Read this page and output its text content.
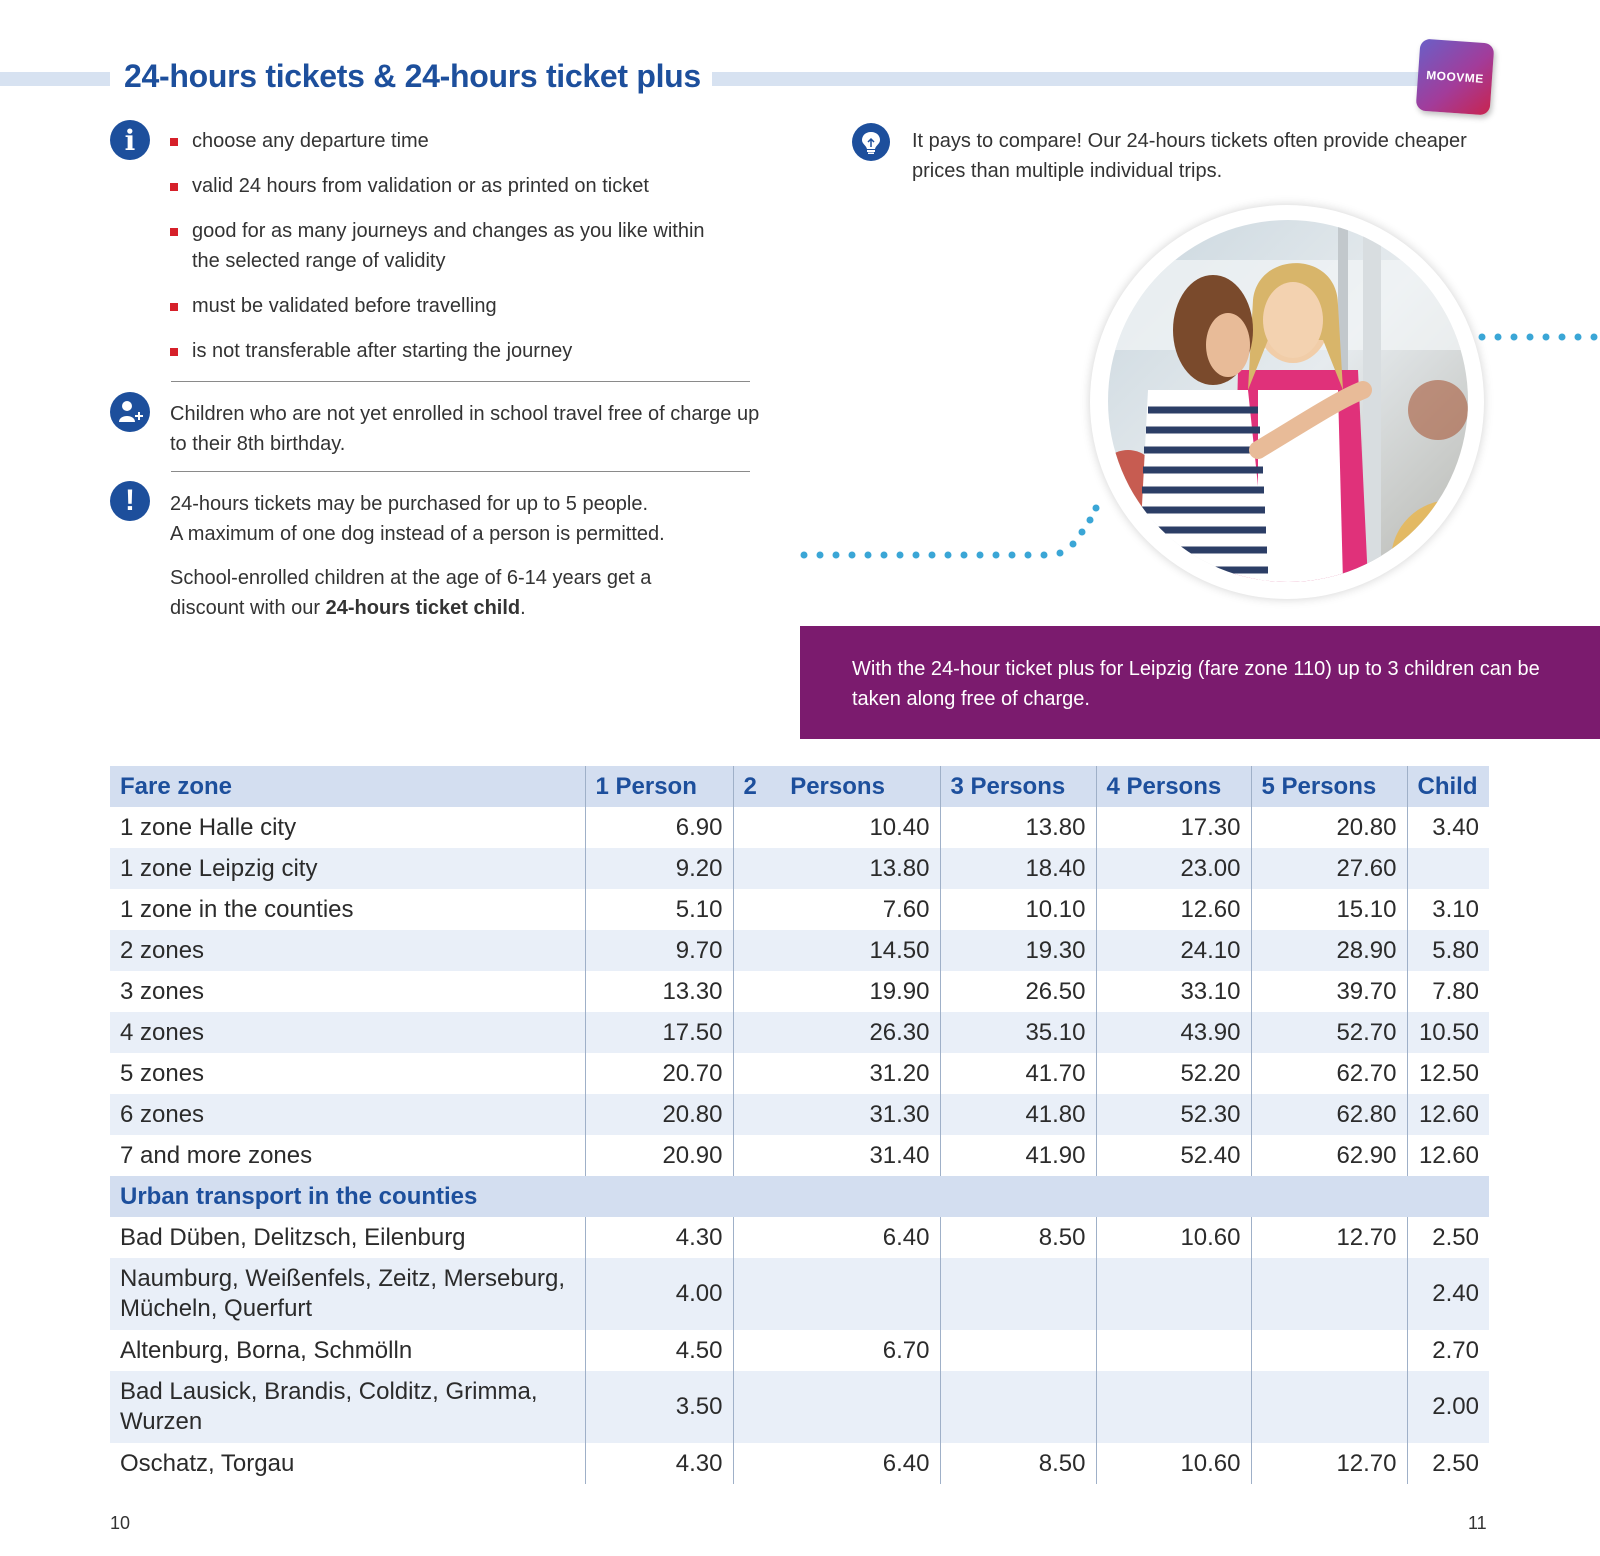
24-hours tickets & 24-hours ticket plus	MOOVME
i	choose any departure time
valid 24 hours from validation or as printed on ticket
good for as many journeys and changes as you like within the selected range of validity
must be validated before travelling
is not transferable after starting the journey

Children who are not yet enrolled in school travel free of charge up to their 8th birthday.

!	24-hours tickets may be purchased for up to 5 people.
A maximum of one dog instead of a person is permitted.

School-enrolled children at the age of 6-14 years get a discount with our 24-hours ticket child.

It pays to compare! Our 24-hours tickets often provide cheaper prices than multiple individual trips.

With the 24-hour ticket plus for Leipzig (fare zone 110) up to 3 children can be taken along free of charge.

Fare zone	1 Person	2 Persons	3 Persons	4 Persons	5 Persons	Child
1 zone Halle city	6.90	10.40	13.80	17.30	20.80	3.40
1 zone Leipzig city	9.20	13.80	18.40	23.00	27.60	
1 zone in the counties	5.10	7.60	10.10	12.60	15.10	3.10
2 zones	9.70	14.50	19.30	24.10	28.90	5.80
3 zones	13.30	19.90	26.50	33.10	39.70	7.80
4 zones	17.50	26.30	35.10	43.90	52.70	10.50
5 zones	20.70	31.20	41.70	52.20	62.70	12.50
6 zones	20.80	31.30	41.80	52.30	62.80	12.60
7 and more zones	20.90	31.40	41.90	52.40	62.90	12.60
Urban transport in the counties						
Bad Düben, Delitzsch, Eilenburg	4.30	6.40	8.50	10.60	12.70	2.50
Naumburg, Weißenfels, Zeitz, Merseburg, Mücheln, Querfurt	4.00					2.40
Altenburg, Borna, Schmölln	4.50	6.70				2.70
Bad Lausick, Brandis, Colditz, Grimma, Wurzen	3.50					2.00
Oschatz, Torgau	4.30	6.40	8.50	10.60	12.70	2.50

10	11
